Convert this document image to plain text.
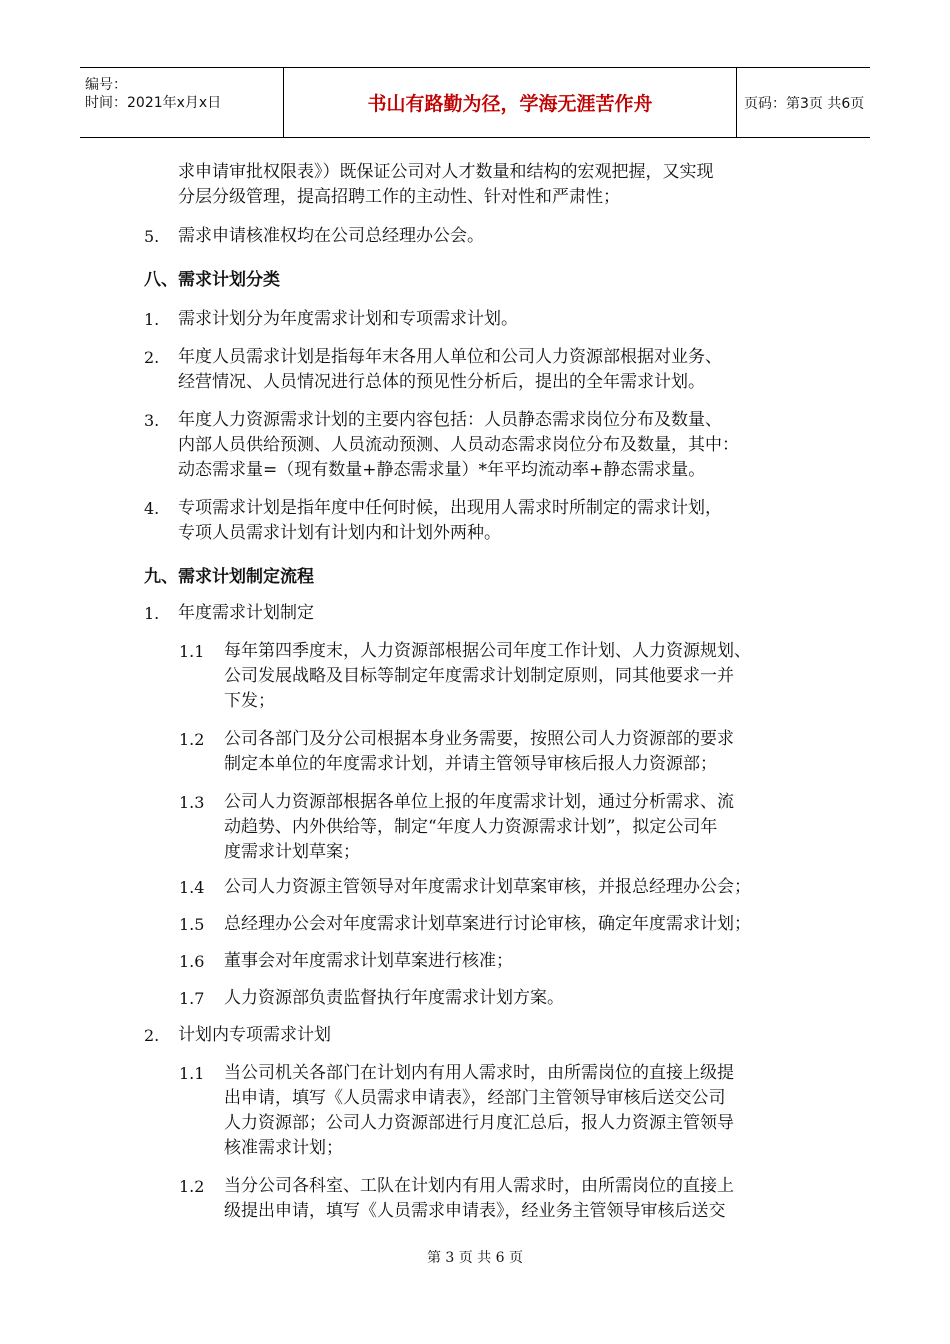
编号：
时间：2021年x月x日	书山有路勤为径，学海无涯苦作舟	页码：第3页 共6页
求申请审批权限表》）既保证公司对人才数量和结构的宏观把握，又实现
分层分级管理，提高招聘工作的主动性、针对性和严肃性；
5. 需求申请核准权均在公司总经理办公会。
八、需求计划分类
1. 需求计划分为年度需求计划和专项需求计划。
2. 年度人员需求计划是指每年末各用人单位和公司人力资源部根据对业务、
经营情况、人员情况进行总体的预见性分析后，提出的全年需求计划。
3. 年度人力资源需求计划的主要内容包括：人员静态需求岗位分布及数量、
内部人员供给预测、人员流动预测、人员动态需求岗位分布及数量，其中：
动态需求量=（现有数量+静态需求量）*年平均流动率+静态需求量。
4. 专项需求计划是指年度中任何时候，出现用人需求时所制定的需求计划，
专项人员需求计划有计划内和计划外两种。
九、需求计划制定流程
1. 年度需求计划制定
1.1 每年第四季度末，人力资源部根据公司年度工作计划、人力资源规划、
公司发展战略及目标等制定年度需求计划制定原则，同其他要求一并
下发；
1.2 公司各部门及分公司根据本身业务需要，按照公司人力资源部的要求
制定本单位的年度需求计划，并请主管领导审核后报人力资源部；
1.3 公司人力资源部根据各单位上报的年度需求计划，通过分析需求、流
动趋势、内外供给等，制定“年度人力资源需求计划”，拟定公司年
度需求计划草案；
1.4 公司人力资源主管领导对年度需求计划草案审核，并报总经理办公会；
1.5 总经理办公会对年度需求计划草案进行讨论审核，确定年度需求计划；
1.6 董事会对年度需求计划草案进行核准；
1.7 人力资源部负责监督执行年度需求计划方案。
2. 计划内专项需求计划
1.1 当公司机关各部门在计划内有用人需求时，由所需岗位的直接上级提
出申请，填写《人员需求申请表》，经部门主管领导审核后送交公司
人力资源部；公司人力资源部进行月度汇总后，报人力资源主管领导
核准需求计划；
1.2 当分公司各科室、工队在计划内有用人需求时，由所需岗位的直接上
级提出申请，填写《人员需求申请表》，经业务主管领导审核后送交
第 3 页 共 6 页
